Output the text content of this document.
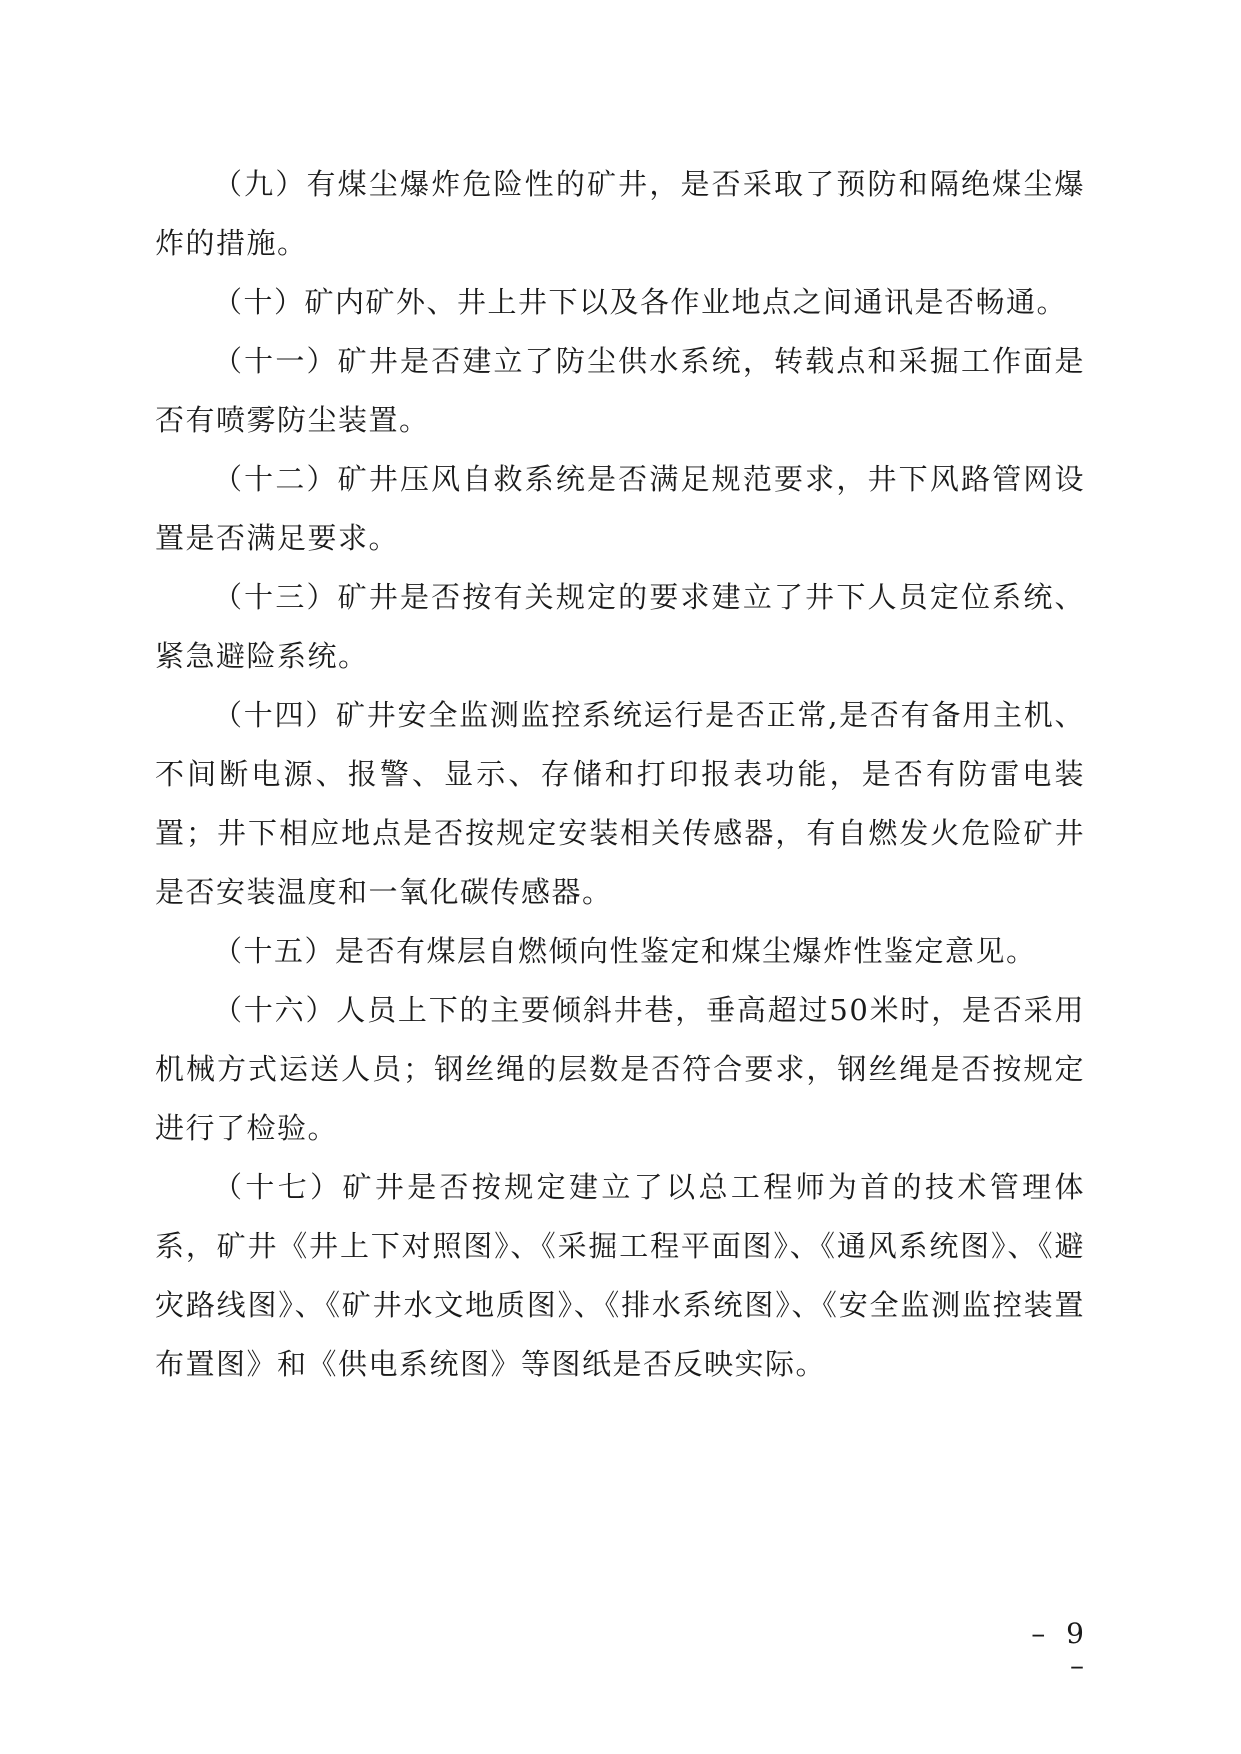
（九）有煤尘爆炸危险性的矿井，是否采取了预防和隔绝煤尘爆炸的措施。

（十）矿内矿外、井上井下以及各作业地点之间通讯是否畅通。

（十一）矿井是否建立了防尘供水系统，转载点和采掘工作面是否有喷雾防尘装置。

（十二）矿井压风自救系统是否满足规范要求，井下风路管网设置是否满足要求。

（十三）矿井是否按有关规定的要求建立了井下人员定位系统、紧急避险系统。

（十四）矿井安全监测监控系统运行是否正常,是否有备用主机、不间断电源、报警、显示、存储和打印报表功能，是否有防雷电装置；井下相应地点是否按规定安装相关传感器，有自燃发火危险矿井是否安装温度和一氧化碳传感器。

（十五）是否有煤层自燃倾向性鉴定和煤尘爆炸性鉴定意见。

（十六）人员上下的主要倾斜井巷，垂高超过50米时，是否采用机械方式运送人员；钢丝绳的层数是否符合要求，钢丝绳是否按规定进行了检验。

（十七）矿井是否按规定建立了以总工程师为首的技术管理体系，矿井《井上下对照图》、《采掘工程平面图》、《通风系统图》、《避灾路线图》、《矿井水文地质图》、《排水系统图》、《安全监测监控装置布置图》和《供电系统图》等图纸是否反映实际。

– 9 –
